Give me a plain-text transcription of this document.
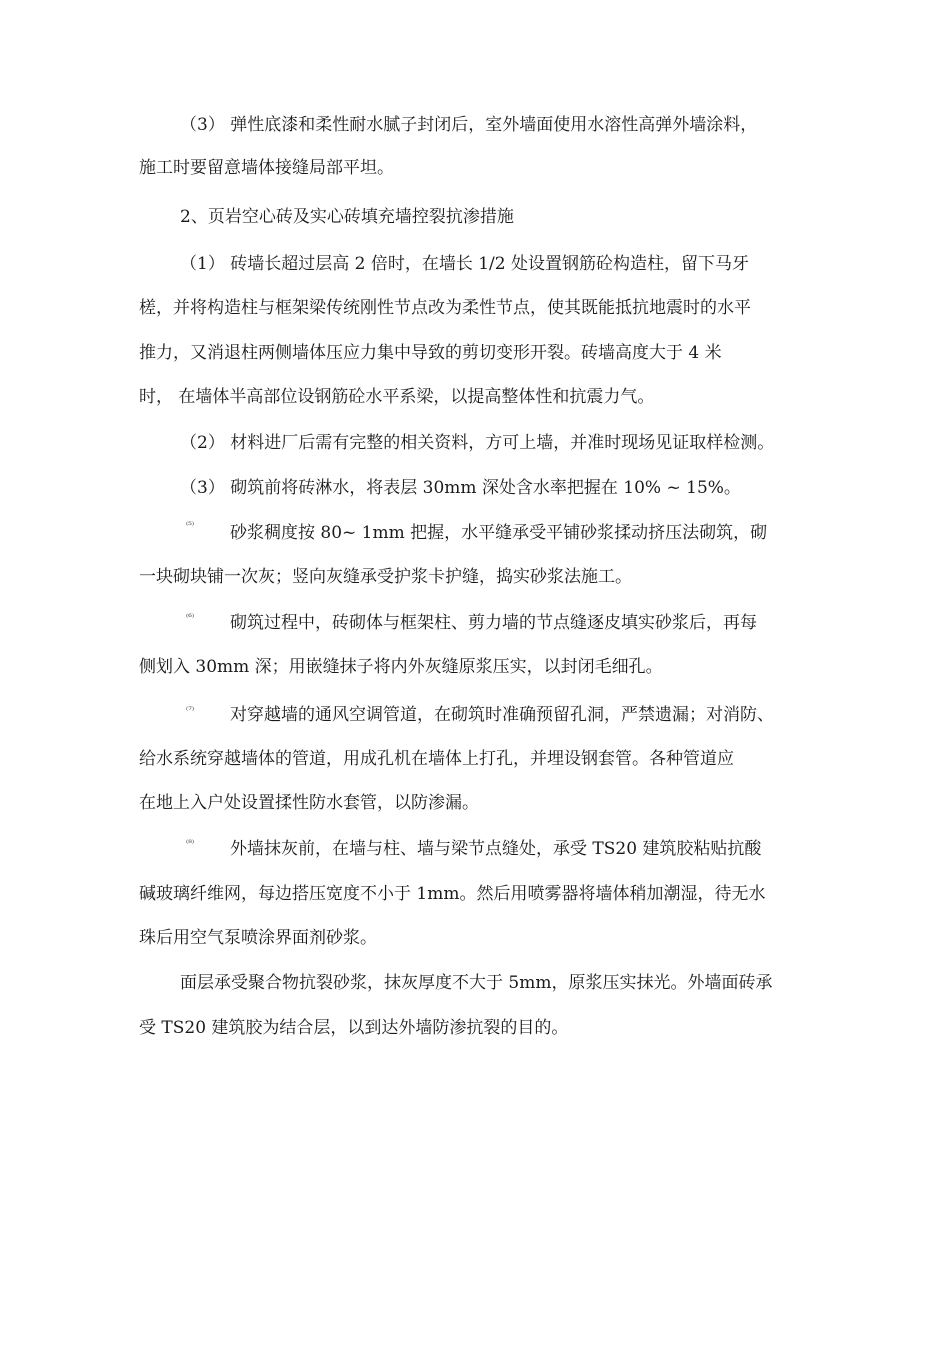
（3） 弹性底漆和柔性耐水腻子封闭后，室外墙面使用水溶性高弹外墙涂料，
施工时要留意墙体接缝局部平坦。
2、页岩空心砖及实心砖填充墙控裂抗渗措施
（1） 砖墙长超过层高 2 倍时，在墙长 1/2 处设置钢筋砼构造柱，留下马牙
槎，并将构造柱与框架梁传统刚性节点改为柔性节点，使其既能抵抗地震时的水平
推力，又消退柱两侧墙体压应力集中导致的剪切变形开裂。砖墙高度大于 4 米
时， 在墙体半高部位设钢筋砼水平系梁，以提高整体性和抗震力气。
（2） 材料进厂后需有完整的相关资料，方可上墙，并准时现场见证取样检测。
（3） 砌筑前将砖淋水，将表层 30mm 深处含水率把握在 10% ~ 15%。
⁽⁵⁾ 砂浆稠度按 80~ 1mm 把握，水平缝承受平铺砂浆揉动挤压法砌筑，砌
一块砌块铺一次灰；竖向灰缝承受护浆卡护缝，捣实砂浆法施工。
⁽⁶⁾ 砌筑过程中，砖砌体与框架柱、剪力墙的节点缝逐皮填实砂浆后，再每
侧划入 30mm 深；用嵌缝抹子将内外灰缝原浆压实，以封闭毛细孔。
⁽⁷⁾ 对穿越墙的通风空调管道，在砌筑时准确预留孔洞，严禁遗漏；对消防、
给水系统穿越墙体的管道，用成孔机在墙体上打孔，并埋设钢套管。各种管道应
在地上入户处设置揉性防水套管，以防渗漏。
⁽⁸⁾ 外墙抹灰前，在墙与柱、墙与梁节点缝处，承受 TS20 建筑胶粘贴抗酸
碱玻璃纤维网，每边搭压宽度不小于 1mm。然后用喷雾器将墙体稍加潮湿，待无水
珠后用空气泵喷涂界面剂砂浆。
面层承受聚合物抗裂砂浆，抹灰厚度不大于 5mm，原浆压实抹光。外墙面砖承
受 TS20 建筑胶为结合层，以到达外墙防渗抗裂的目的。
